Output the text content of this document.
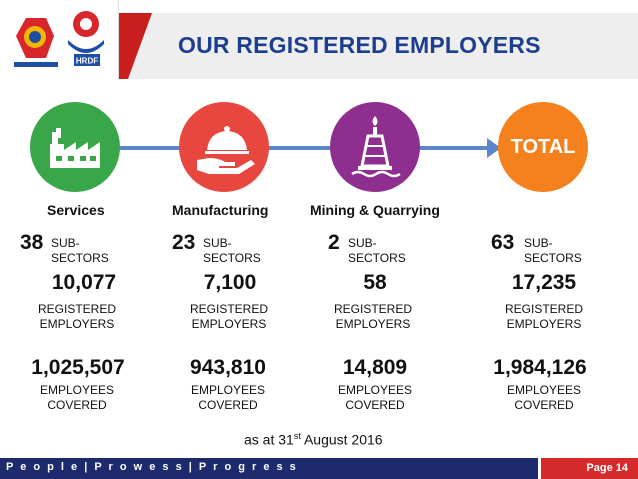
HRDF
OUR REGISTERED EMPLOYERS
TOTAL
Services	Manufacturing	Mining & Quarrying
38 SUB-
SECTORS
10,077
REGISTERED
EMPLOYERS
1,025,507
EMPLOYEES
COVERED
23 SUB-
SECTORS
7,100
REGISTERED
EMPLOYERS
943,810
EMPLOYEES
COVERED
2 SUB-
SECTORS
58
REGISTERED
EMPLOYERS
14,809
EMPLOYEES
COVERED
63 SUB-
SECTORS
17,235
REGISTERED
EMPLOYERS
1,984,126
EMPLOYEES
COVERED
as at 31st August 2016
P e o p l e | P r o w e s s | P r o g r e s s	Page 14
